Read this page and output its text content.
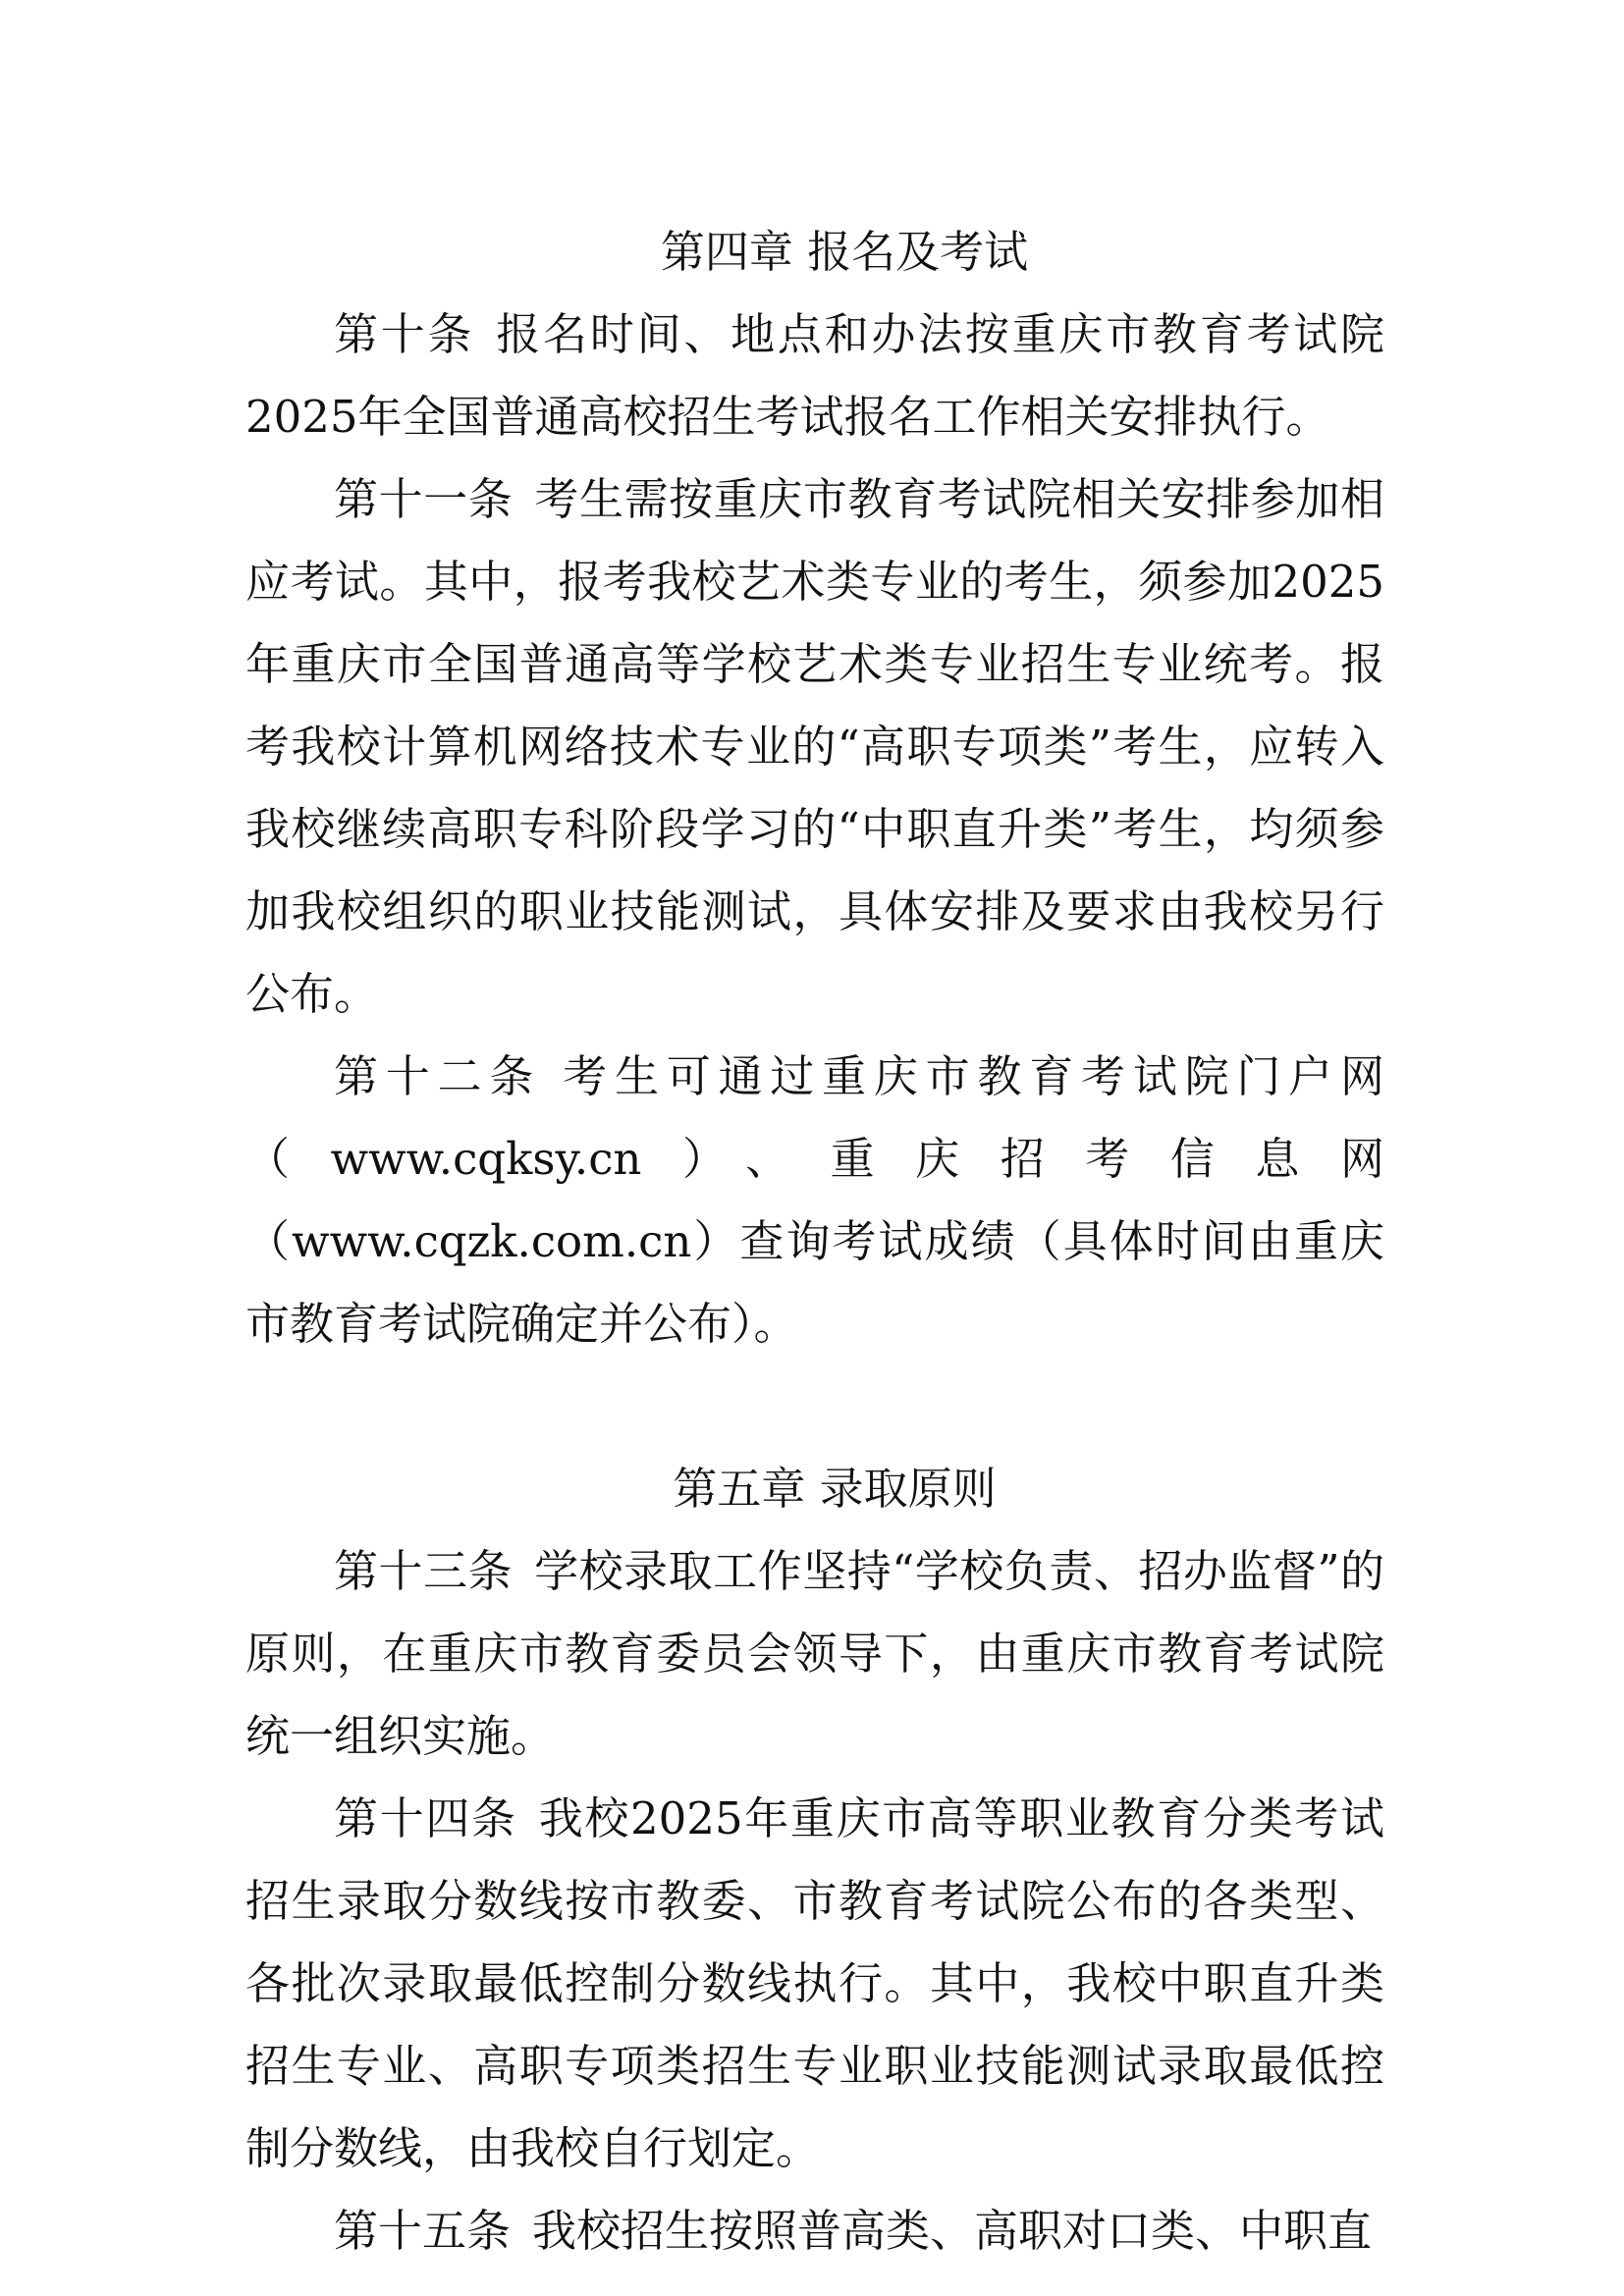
第四章 报名及考试

第十条 报名时间、地点和办法按重庆市教育考试院2025年全国普通高校招生考试报名工作相关安排执行。

第十一条 考生需按重庆市教育考试院相关安排参加相应考试。其中，报考我校艺术类专业的考生，须参加2025年重庆市全国普通高等学校艺术类专业招生专业统考。报考我校计算机网络技术专业的“高职专项类”考生，应转入我校继续高职专科阶段学习的“中职直升类”考生，均须参加我校组织的职业技能测试，具体安排及要求由我校另行公布。

第十二条 考生可通过重庆市教育考试院门户网（www.cqksy.cn）、重庆招考信息网（www.cqzk.com.cn）查询考试成绩（具体时间由重庆市教育考试院确定并公布）。

第五章 录取原则

第十三条 学校录取工作坚持“学校负责、招办监督”的原则，在重庆市教育委员会领导下，由重庆市教育考试院统一组织实施。

第十四条 我校2025年重庆市高等职业教育分类考试招生录取分数线按市教委、市教育考试院公布的各类型、各批次录取最低控制分数线执行。其中，我校中职直升类招生专业、高职专项类招生专业职业技能测试录取最低控制分数线，由我校自行划定。

第十五条 我校招生按照普高类、高职对口类、中职直
